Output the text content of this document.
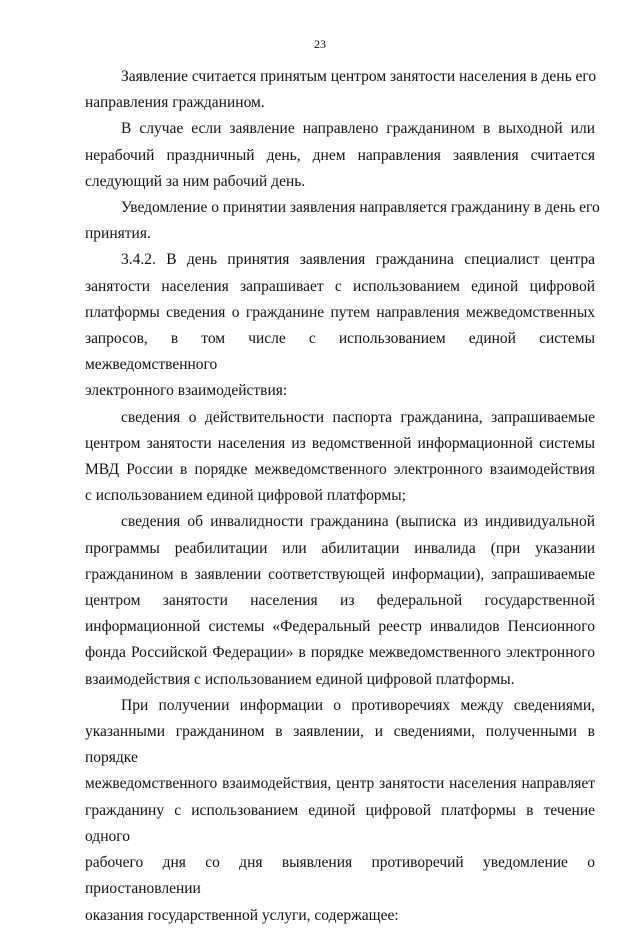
23
Заявление считается принятым центром занятости населения в день его
направления гражданином.
В случае если заявление направлено гражданином в выходной или
нерабочий праздничный день, днем направления заявления считается
следующий за ним рабочий день.
Уведомление о принятии заявления направляется гражданину в день его
принятия.
3.4.2. В день принятия заявления гражданина специалист центра
занятости населения запрашивает с использованием единой цифровой
платформы сведения о гражданине путем направления межведомственных
запросов, в том числе с использованием единой системы межведомственного
электронного взаимодействия:
сведения о действительности паспорта гражданина, запрашиваемые
центром занятости населения из ведомственной информационной системы
МВД России в порядке межведомственного электронного взаимодействия
с использованием единой цифровой платформы;
сведения об инвалидности гражданина (выписка из индивидуальной
программы реабилитации или абилитации инвалида (при указании
гражданином в заявлении соответствующей информации), запрашиваемые
центром занятости населения из федеральной государственной
информационной системы «Федеральный реестр инвалидов Пенсионного
фонда Российской Федерации» в порядке межведомственного электронного
взаимодействия с использованием единой цифровой платформы.
При получении информации о противоречиях между сведениями,
указанными гражданином в заявлении, и сведениями, полученными в порядке
межведомственного взаимодействия, центр занятости населения направляет
гражданину с использованием единой цифровой платформы в течение одного
рабочего дня со дня выявления противоречий уведомление о приостановлении
оказания государственной услуги, содержащее:
